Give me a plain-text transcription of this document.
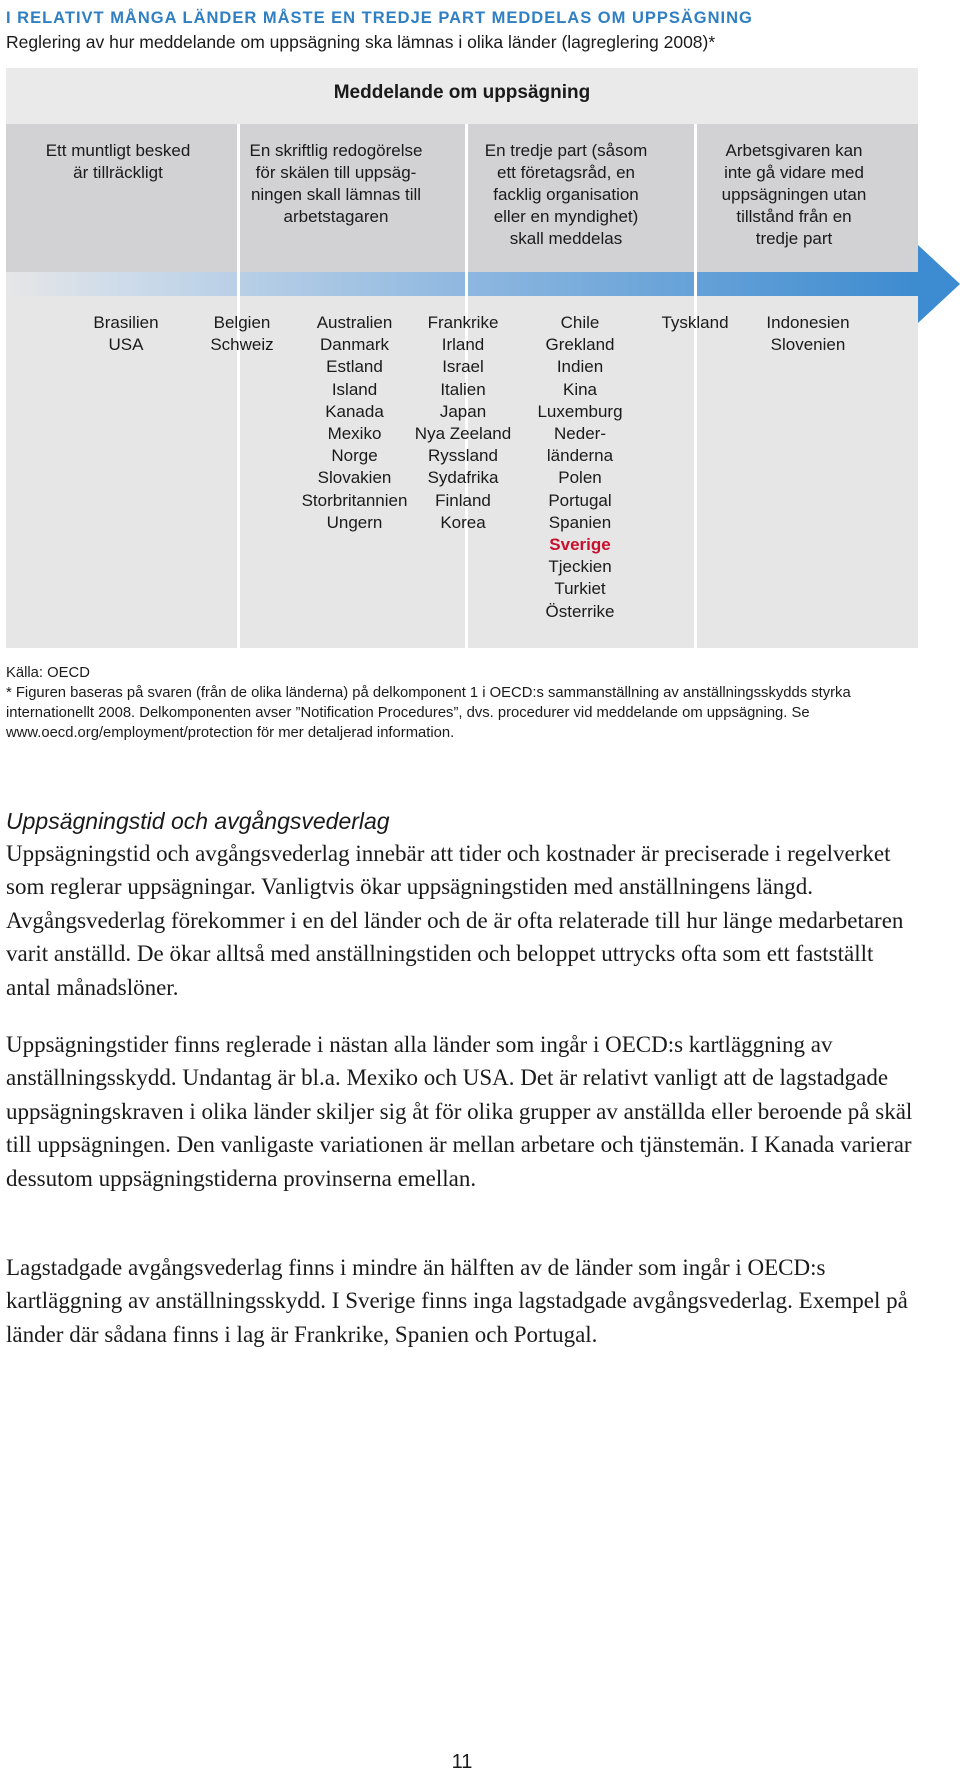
I RELATIVT MÅNGA LÄNDER MÅSTE EN TREDJE PART MEDDELAS OM UPPSÄGNING
Reglering av hur meddelande om uppsägning ska lämnas i olika länder (lagreglering 2008)*
Meddelande om uppsägning
Ett muntligt besked
är tillräckligt
En skriftlig redogörelse
för skälen till uppsäg-
ningen skall lämnas till
arbetstagaren
En tredje part (såsom
ett företagsråd, en
facklig organisation
eller en myndighet)
skall meddelas
Arbetsgivaren kan
inte gå vidare med
uppsägningen utan
tillstånd från en
tredje part
Brasilien
USA
Belgien
Schweiz
Australien
Danmark
Estland
Island
Kanada
Mexiko
Norge
Slovakien
Storbritannien
Ungern
Frankrike
Irland
Israel
Italien
Japan
Nya Zeeland
Ryssland
Sydafrika
Finland
Korea
Chile
Grekland
Indien
Kina
Luxemburg
Neder-
länderna
Polen
Portugal
Spanien
Sverige
Tjeckien
Turkiet
Österrike
Tyskland	Indonesien
Slovenien

Källa: OECD

* Figuren baseras på svaren (från de olika länderna) på delkomponent 1 i OECD:s sammanställning av anställningsskydds styrka internationellt 2008. Delkomponenten avser ”Notification Procedures”, dvs. procedurer vid meddelande om uppsägning. Se www.oecd.org/employment/protection för mer detaljerad information.

Uppsägningstid och avgångsvederlag

Uppsägningstid och avgångsvederlag innebär att tider och kostnader är preciserade i regelverket som reglerar uppsägningar. Vanligtvis ökar uppsägningstiden med anställningens längd. Avgångsvederlag förekommer i en del länder och de är ofta relaterade till hur länge medarbetaren varit anställd. De ökar alltså med anställningstiden och beloppet uttrycks ofta som ett fastställt antal månadslöner.

Uppsägningstider finns reglerade i nästan alla länder som ingår i OECD:s kartläggning av anställningsskydd. Undantag är bl.a. Mexiko och USA. Det är relativt vanligt att de lagstadgade uppsägningskraven i olika länder skiljer sig åt för olika grupper av anställda eller beroende på skäl till uppsägningen. Den vanligaste variationen är mellan arbetare och tjänstemän. I Kanada varierar dessutom uppsägningstiderna provinserna emellan.

Lagstadgade avgångsvederlag finns i mindre än hälften av de länder som ingår i OECD:s kartläggning av anställningsskydd. I Sverige finns inga lagstadgade avgångsvederlag. Exempel på länder där sådana finns i lag är Frankrike, Spanien och Portugal.

11
